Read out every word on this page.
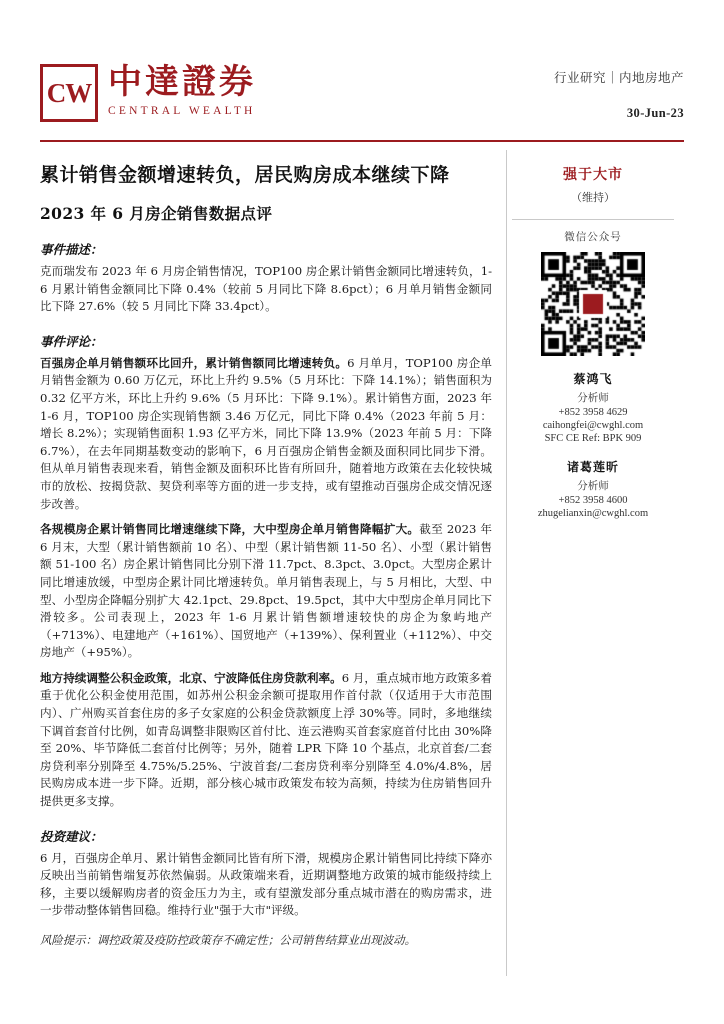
CW 中達證券
CENTRAL WEALTH
行业研究｜内地房地产
30-Jun-23
累计销售金额增速转负，居民购房成本继续下降
2023 年 6 月房企销售数据点评
事件描述：

克而瑞发布 2023 年 6 月房企销售情况，TOP100 房企累计销售金额同比增速转负，1-6 月累计销售金额同比下降 0.4%（较前 5 月同比下降 8.6pct）；6 月单月销售金额同比下降 27.6%（较 5 月同比下降 33.4pct）。

事件评论：

百强房企单月销售额环比回升，累计销售额同比增速转负。6 月单月，TOP100 房企单月销售金额为 0.60 万亿元，环比上升约 9.5%（5 月环比：下降 14.1%）；销售面积为 0.32 亿平方米，环比上升约 9.6%（5 月环比：下降 9.1%）。累计销售方面，2023 年 1-6 月，TOP100 房企实现销售额 3.46 万亿元，同比下降 0.4%（2023 年前 5 月：增长 8.2%）；实现销售面积 1.93 亿平方米，同比下降 13.9%（2023 年前 5 月：下降 6.7%），在去年同期基数变动的影响下，6 月百强房企销售金额及面积同比同步下滑。但从单月销售表现来看，销售金额及面积环比皆有所回升，随着地方政策在去化较快城市的放松、按揭贷款、契贷利率等方面的进一步支持，或有望推动百强房企成交情况逐步改善。

各规模房企累计销售同比增速继续下降，大中型房企单月销售降幅扩大。截至 2023 年 6 月末，大型（累计销售额前 10 名）、中型（累计销售额 11-50 名）、小型（累计销售额 51-100 名）房企累计销售同比分别下滑 11.7pct、8.3pct、3.0pct。大型房企累计同比增速放缓，中型房企累计同比增速转负。单月销售表现上，与 5 月相比，大型、中型、小型房企降幅分别扩大 42.1pct、29.8pct、19.5pct，其中大中型房企单月同比下滑较多。公司表现上，2023 年 1-6 月累计销售额增速较快的房企为象屿地产（+713%）、电建地产（+161%）、国贸地产（+139%）、保利置业（+112%）、中交房地产（+95%）。

地方持续调整公积金政策，北京、宁波降低住房贷款利率。6 月，重点城市地方政策多着重于优化公积金使用范围，如苏州公积金余额可提取用作首付款（仅适用于大市范围内）、广州购买首套住房的多子女家庭的公积金贷款额度上浮 30%等。同时，多地继续下调首套首付比例，如青岛调整非限购区首付比、连云港购买首套家庭首付比由 30%降至 20%、毕节降低二套首付比例等；另外，随着 LPR 下降 10 个基点，北京首套/二套房贷利率分别降至 4.75%/5.25%、宁波首套/二套房贷利率分别降至 4.0%/4.8%，居民购房成本进一步下降。近期，部分核心城市政策发布较为高频，持续为住房销售回升提供更多支撑。

投资建议：

6 月，百强房企单月、累计销售金额同比皆有所下滑，规模房企累计销售同比持续下降亦反映出当前销售端复苏依然偏弱。从政策端来看，近期调整地方政策的城市能级持续上移，主要以缓解购房者的资金压力为主，或有望激发部分重点城市潜在的购房需求，进一步带动整体销售回稳。维持行业"强于大市"评级。

风险提示：调控政策及疫防控政策存不确定性；公司销售结算业出现波动。
强于大市
（维持）
微信公众号
蔡鸿飞
分析师
+852 3958 4629
caihongfei@cwghl.com
SFC CE Ref: BPK 909
诸葛莲昕
分析师
+852 3958 4600
zhugelianxin@cwghl.com
